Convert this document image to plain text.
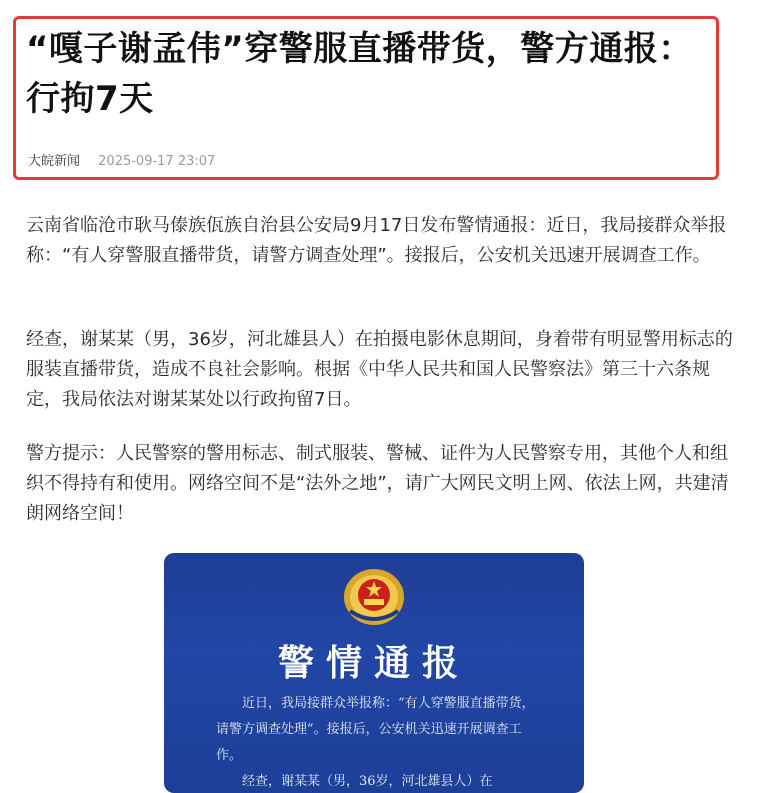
“嘎子谢孟伟”穿警服直播带货，警方通报：行拘7天
大皖新闻 2025-09-17 23:07

云南省临沧市耿马傣族佤族自治县公安局9月17日发布警情通报：近日，我局接群众举报称：“有人穿警服直播带货，请警方调查处理”。接报后，公安机关迅速开展调查工作。

经查，谢某某（男，36岁，河北雄县人）在拍摄电影休息期间，身着带有明显警用标志的服装直播带货，造成不良社会影响。根据《中华人民共和国人民警察法》第三十六条规定，我局依法对谢某某处以行政拘留7日。

警方提示：人民警察的警用标志、制式服装、警械、证件为人民警察专用，其他个人和组织不得持有和使用。网络空间不是“法外之地”，请广大网民文明上网、依法上网，共建清朗网络空间！

警情通报

近日，我局接群众举报称：“有人穿警服直播带货，请警方调查处理”。接报后，公安机关迅速开展调查工作。

经查，谢某某（男，36岁，河北雄县人）在
